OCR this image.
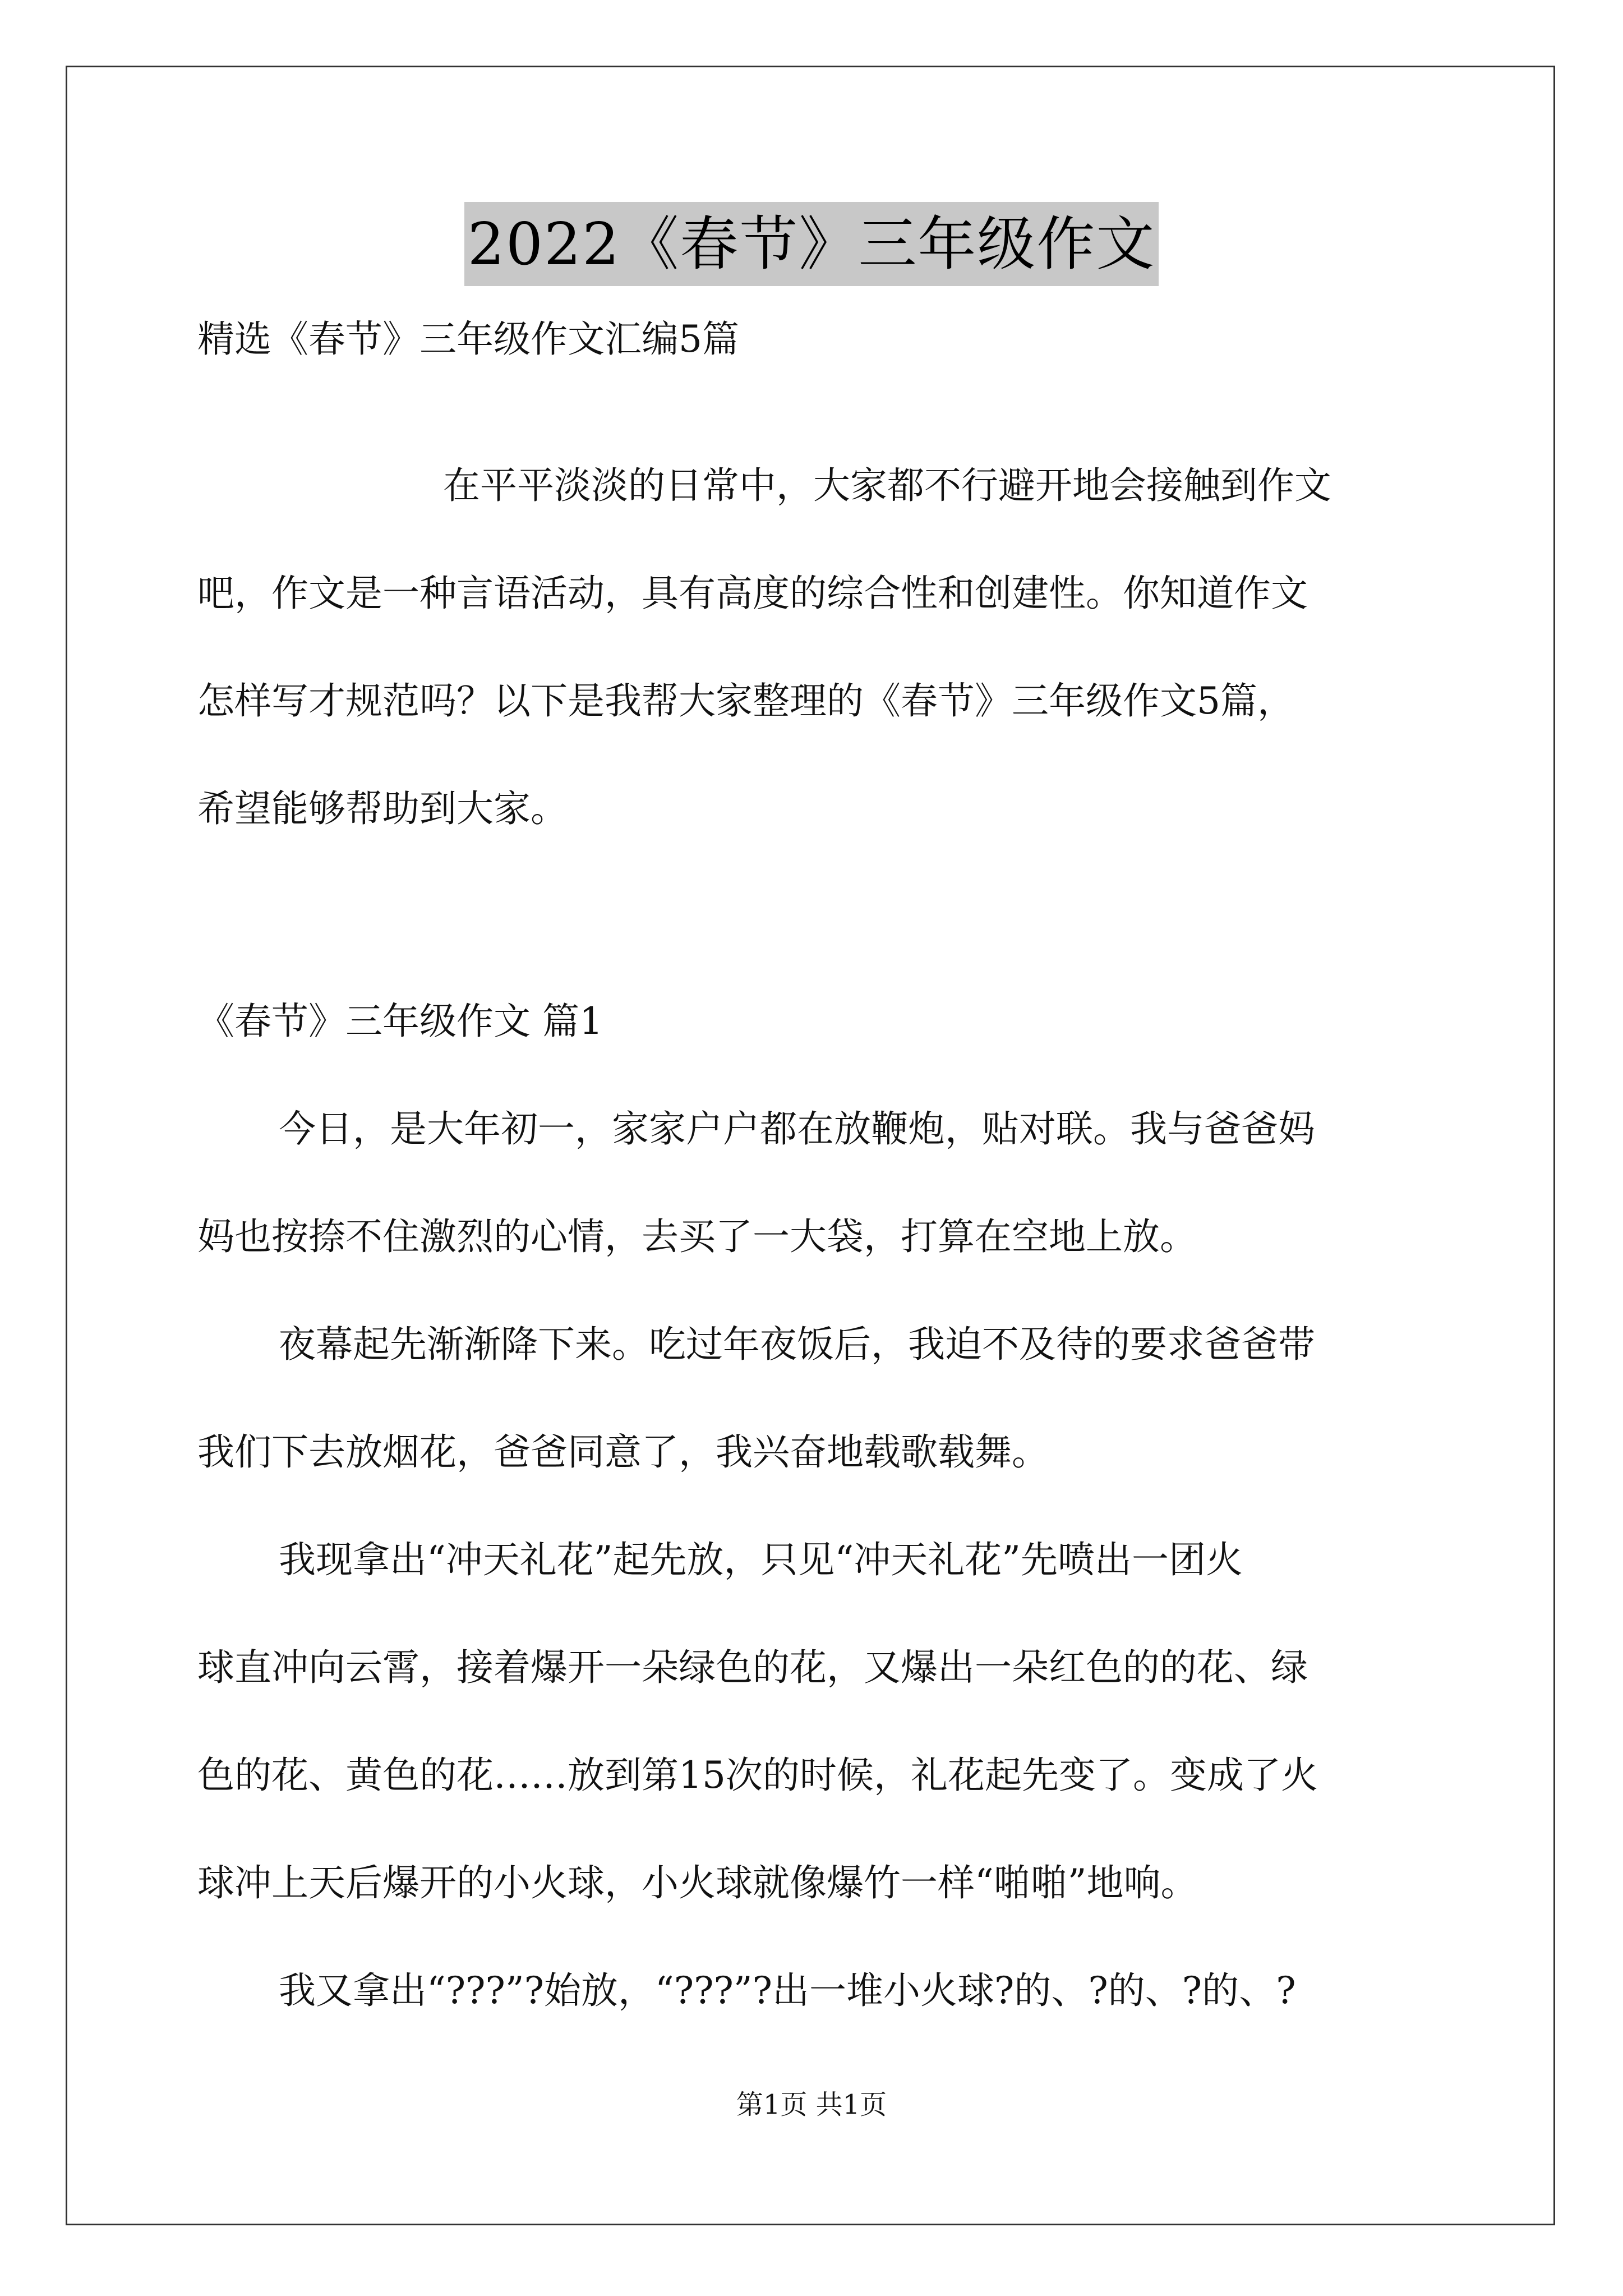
2022《春节》三年级作文
精选《春节》三年级作文汇编5篇
在平平淡淡的日常中，大家都不行避开地会接触到作文
吧，作文是一种言语活动，具有高度的综合性和创建性。你知道作文
怎样写才规范吗？以下是我帮大家整理的《春节》三年级作文5篇，
希望能够帮助到大家。
《春节》三年级作文 篇1
今日，是大年初一，家家户户都在放鞭炮，贴对联。我与爸爸妈
妈也按捺不住激烈的心情，去买了一大袋，打算在空地上放。
夜幕起先渐渐降下来。吃过年夜饭后，我迫不及待的要求爸爸带
我们下去放烟花，爸爸同意了，我兴奋地载歌载舞。
我现拿出“冲天礼花”起先放，只见“冲天礼花”先喷出一团火
球直冲向云霄，接着爆开一朵绿色的花，又爆出一朵红色的的花、绿
色的花、黄色的花……放到第15次的时候，礼花起先变了。变成了火
球冲上天后爆开的小火球，小火球就像爆竹一样“啪啪”地响。
我又拿出“???”?始放，“???”?出一堆小火球?的、?的、?的、?
第1页 共1页
